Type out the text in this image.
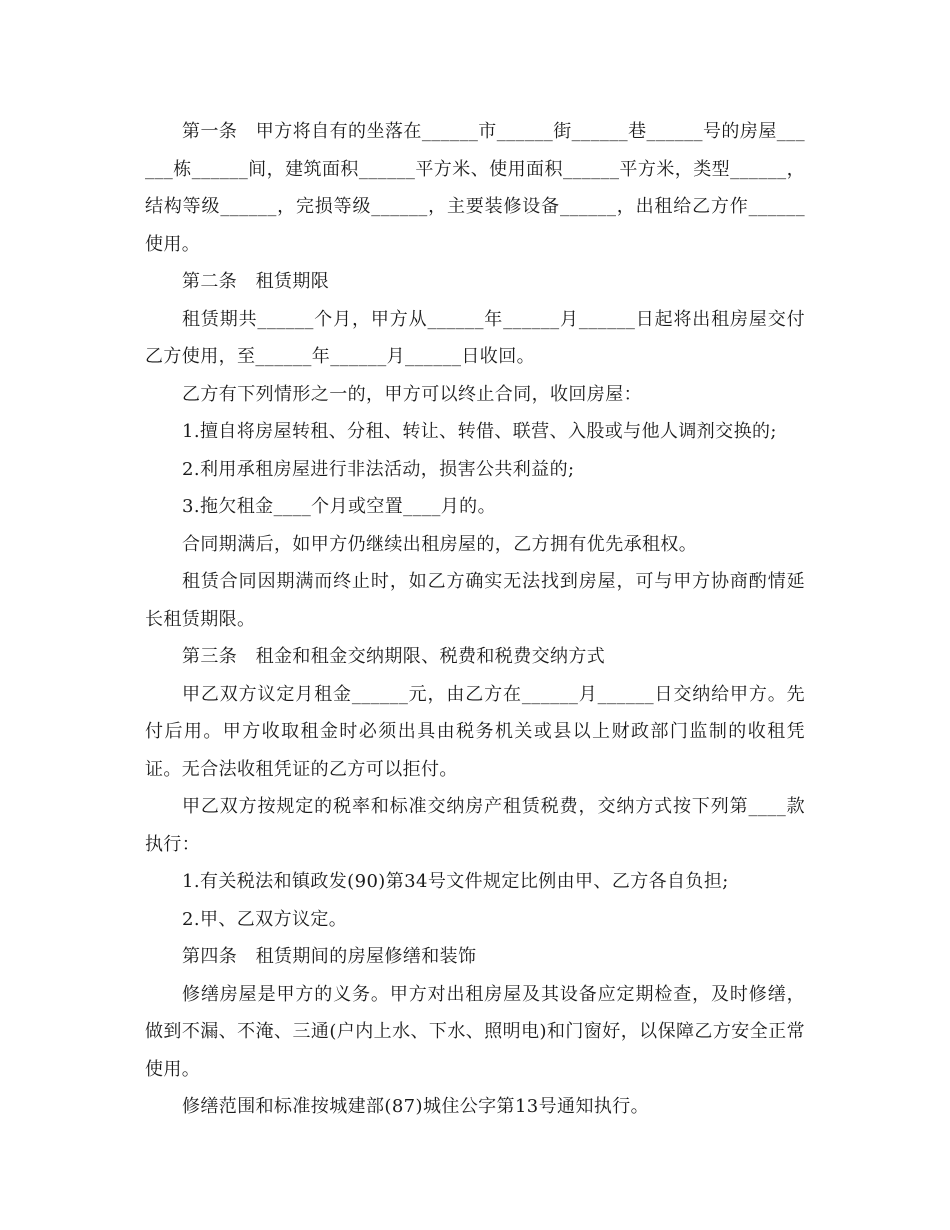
第一条　甲方将自有的坐落在______市______街______巷______号的房屋______栋______间，建筑面积______平方米、使用面积______平方米，类型______，结构等级______，完损等级______，主要装修设备______，出租给乙方作______使用。

第二条　租赁期限

租赁期共______个月，甲方从______年______月______日起将出租房屋交付乙方使用，至______年______月______日收回。

乙方有下列情形之一的，甲方可以终止合同，收回房屋：

1.擅自将房屋转租、分租、转让、转借、联营、入股或与他人调剂交换的;

2.利用承租房屋进行非法活动，损害公共利益的;

3.拖欠租金____个月或空置____月的。

合同期满后，如甲方仍继续出租房屋的，乙方拥有优先承租权。

租赁合同因期满而终止时，如乙方确实无法找到房屋，可与甲方协商酌情延长租赁期限。

第三条　租金和租金交纳期限、税费和税费交纳方式

甲乙双方议定月租金______元，由乙方在______月______日交纳给甲方。先付后用。甲方收取租金时必须出具由税务机关或县以上财政部门监制的收租凭证。无合法收租凭证的乙方可以拒付。

甲乙双方按规定的税率和标准交纳房产租赁税费，交纳方式按下列第____款执行：

1.有关税法和镇政发(90)第34号文件规定比例由甲、乙方各自负担;

2.甲、乙双方议定。

第四条　租赁期间的房屋修缮和装饰

修缮房屋是甲方的义务。甲方对出租房屋及其设备应定期检查，及时修缮，做到不漏、不淹、三通(户内上水、下水、照明电)和门窗好，以保障乙方安全正常使用。

修缮范围和标准按城建部(87)城住公字第13号通知执行。
